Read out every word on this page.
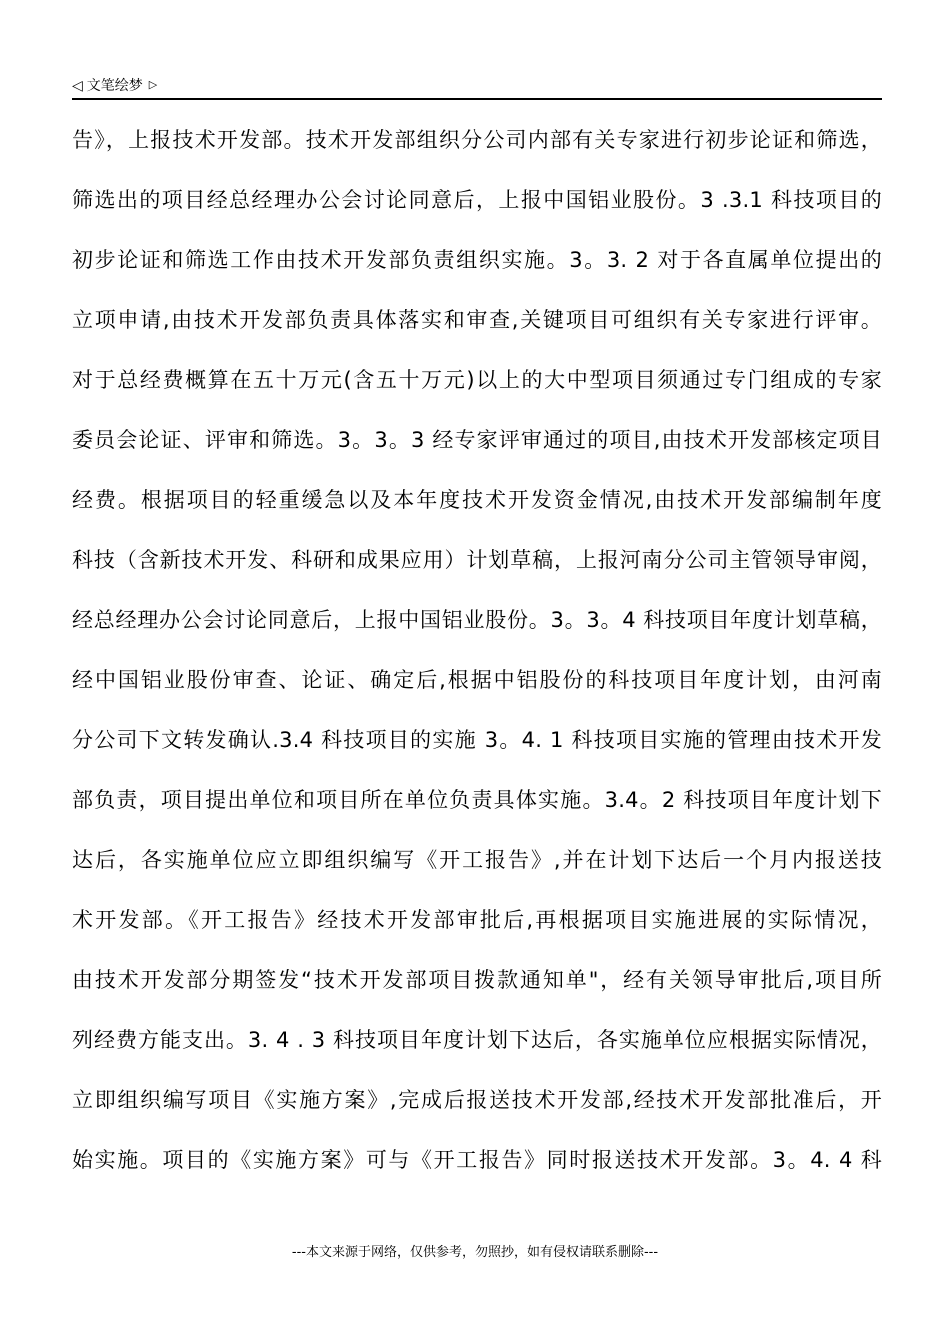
◁ 文笔绘梦 ▷
告》，上报技术开发部。技术开发部组织分公司内部有关专家进行初步论证和筛选，
筛选出的项目经总经理办公会讨论同意后，上报中国铝业股份。3 .3.1 科技项目的
初步论证和筛选工作由技术开发部负责组织实施。3。3. 2 对于各直属单位提出的
立项申请,由技术开发部负责具体落实和审查,关键项目可组织有关专家进行评审。
对于总经费概算在五十万元(含五十万元)以上的大中型项目须通过专门组成的专家
委员会论证、评审和筛选。3。3。3 经专家评审通过的项目,由技术开发部核定项目
经费。根据项目的轻重缓急以及本年度技术开发资金情况,由技术开发部编制年度
科技（含新技术开发、科研和成果应用）计划草稿，上报河南分公司主管领导审阅，
经总经理办公会讨论同意后，上报中国铝业股份。3。3。4 科技项目年度计划草稿，
经中国铝业股份审查、论证、确定后,根据中铝股份的科技项目年度计划，由河南
分公司下文转发确认.3.4 科技项目的实施 3。4. 1 科技项目实施的管理由技术开发
部负责，项目提出单位和项目所在单位负责具体实施。3.4。2 科技项目年度计划下
达后，各实施单位应立即组织编写《开工报告》,并在计划下达后一个月内报送技
术开发部。《开工报告》经技术开发部审批后,再根据项目实施进展的实际情况，
由技术开发部分期签发“技术开发部项目拨款通知单"，经有关领导审批后,项目所
列经费方能支出。3. 4 . 3 科技项目年度计划下达后，各实施单位应根据实际情况，
立即组织编写项目《实施方案》,完成后报送技术开发部,经技术开发部批准后，开
始实施。项目的《实施方案》可与《开工报告》同时报送技术开发部。3。4. 4 科
---本文来源于网络，仅供参考，勿照抄，如有侵权请联系删除---
